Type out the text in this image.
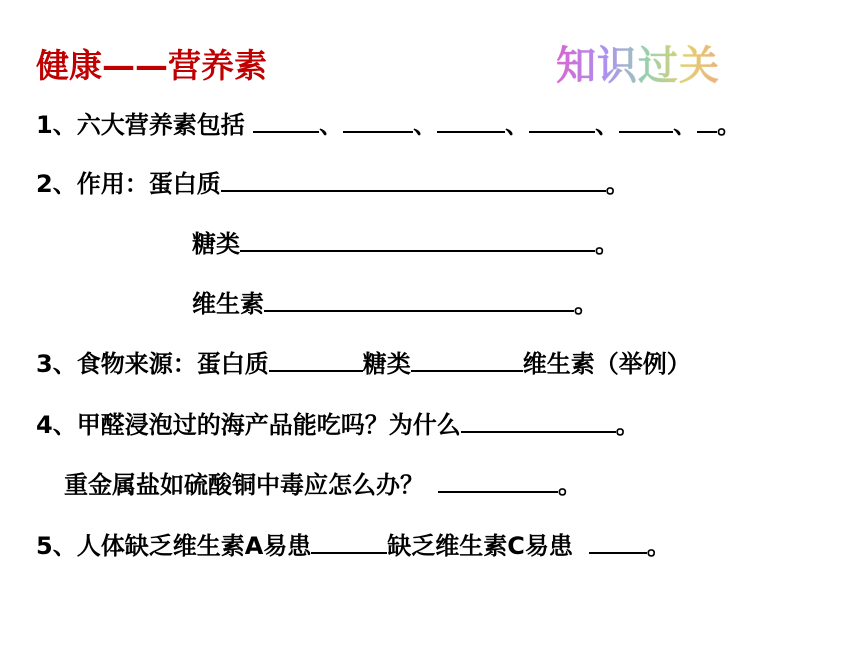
健康——营养素	知识过关
1、六大营养素包括	、	、	、	、 、 。
2、作用：蛋白质	。
糖类	。
维生素	。
3、食物来源：蛋白质	糖类	维生素（举例）
4、甲醛浸泡过的海产品能吃吗？为什么	。
重金属盐如硫酸铜中毒应怎么办？	。
5、人体缺乏维生素A易患	缺乏维生素C易患	。
